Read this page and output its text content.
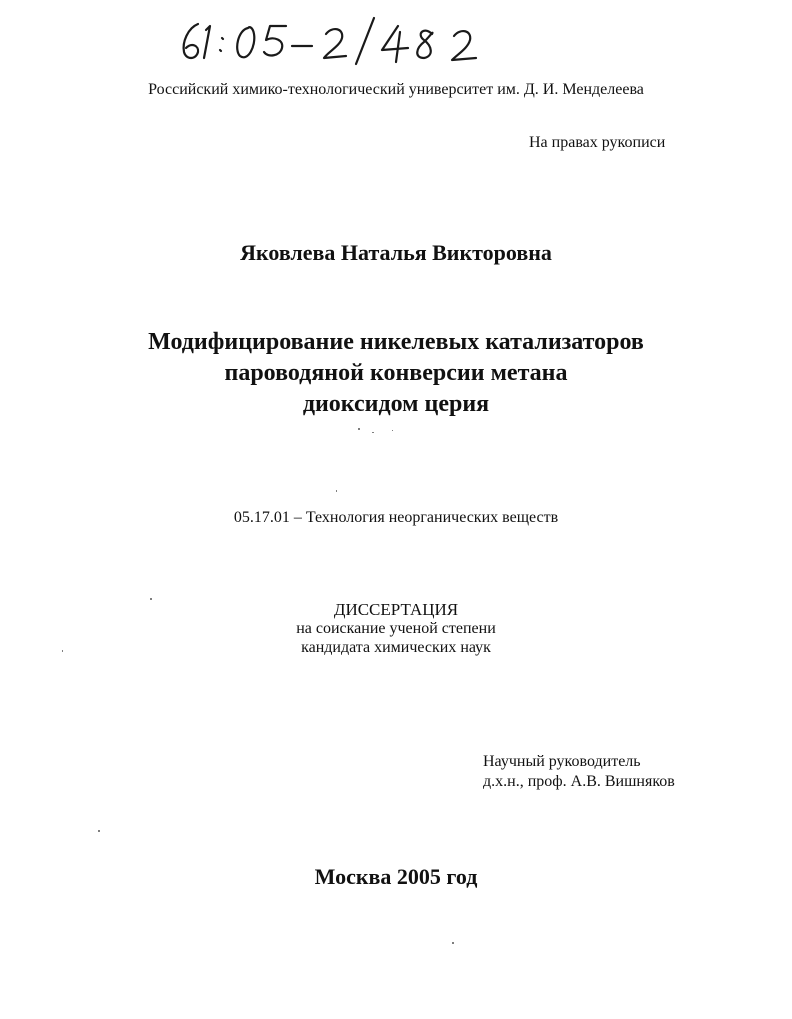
Российский химико-технологический университет им. Д. И. Менделеева
На правах рукописи
Яковлева Наталья Викторовна
Модифицирование никелевых катализаторов
пароводяной конверсии метана
диоксидом церия
05.17.01 – Технология неорганических веществ
ДИССЕРТАЦИЯ
на соискание ученой степени
кандидата химических наук
Научный руководитель
д.х.н., проф. А.В. Вишняков
Москва 2005 год
